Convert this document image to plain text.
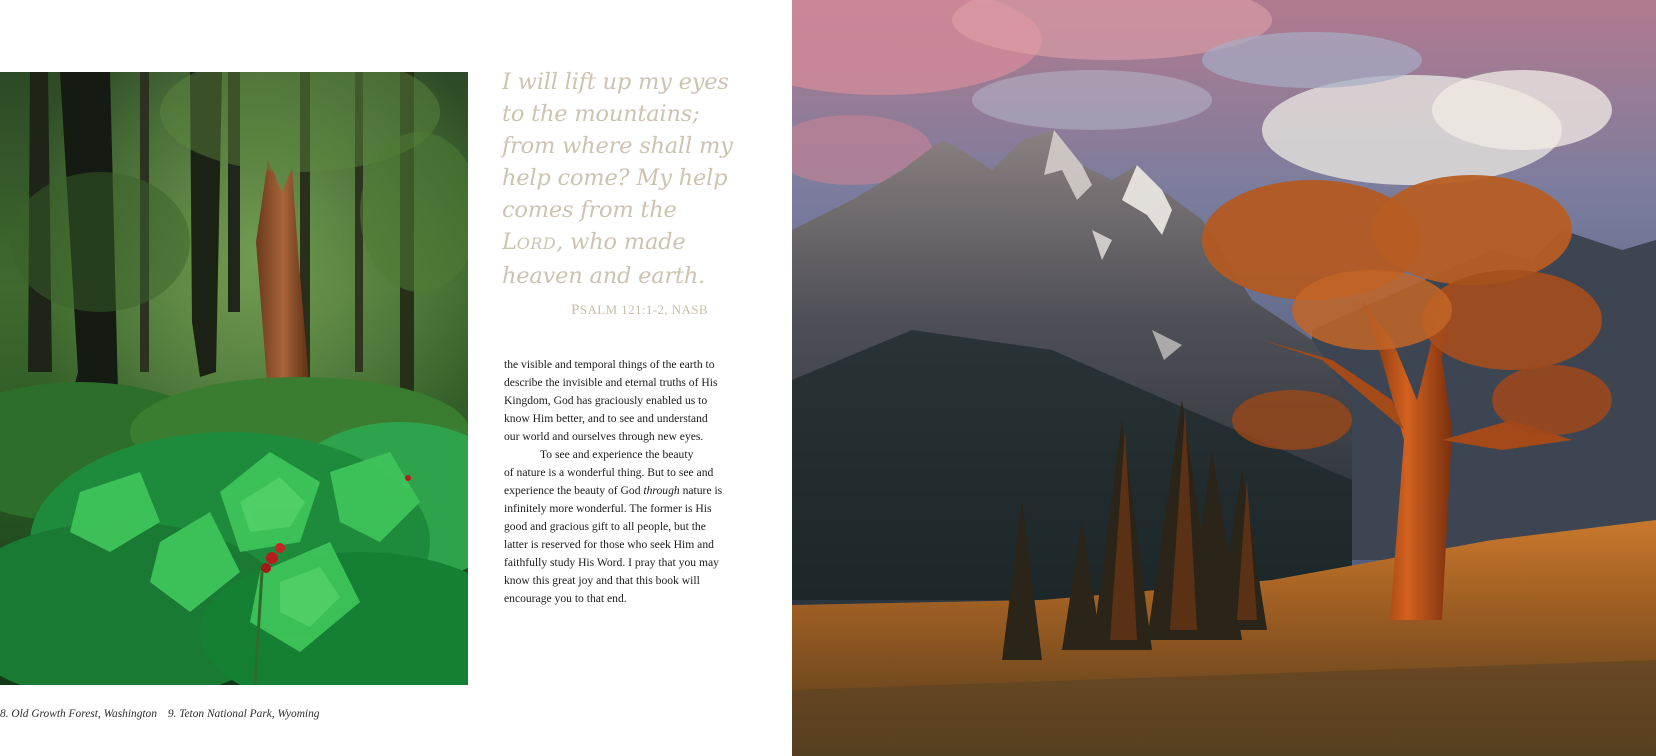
I will lift up my eyes
to the mountains;
from where shall my
help come? My help
comes from the
LORD, who made
heaven and earth.
PSALM 121:1-2, NASB
the visible and temporal things of the earth to
describe the invisible and eternal truths of His
Kingdom, God has graciously enabled us to
know Him better, and to see and understand
our world and ourselves through new eyes.
To see and experience the beauty
of nature is a wonderful thing. But to see and
experience the beauty of God through nature is
infinitely more wonderful. The former is His
good and gracious gift to all people, but the
latter is reserved for those who seek Him and
faithfully study His Word. I pray that you may
know this great joy and that this book will
encourage you to that end.
8. Old Growth Forest, Washington 9. Teton National Park, Wyoming
